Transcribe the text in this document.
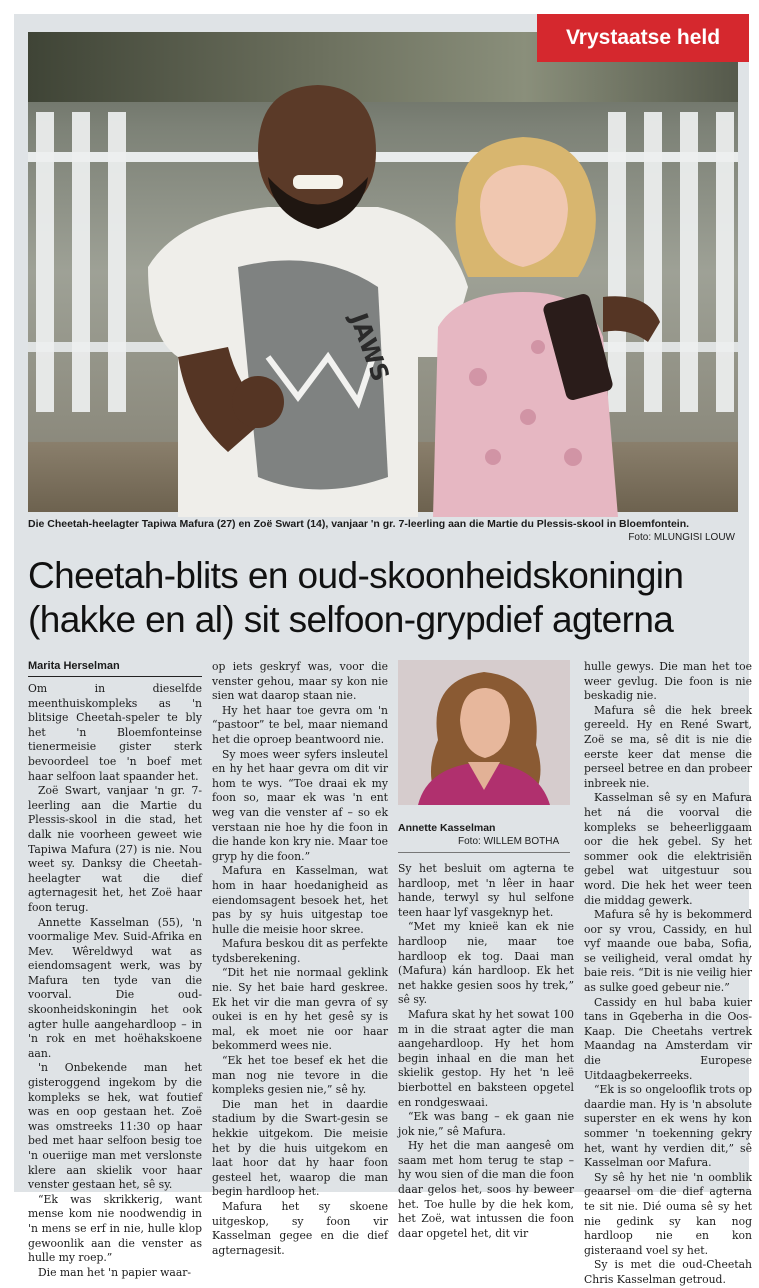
JAWS
Vrystaatse held
Die Cheetah-heelagter Tapiwa Mafura (27) en Zoë Swart (14), vanjaar 'n gr. 7-leerling aan die Martie du Plessis-skool in Bloemfontein.
Foto: MLUNGISI LOUW
Cheetah-blits en oud-skoonheidskoningin (hakke en al) sit selfoon-grypdief agterna
Marita Herselman

Om in dieselfde meenthuiskompleks as 'n blitsige Cheetah-speler te bly het 'n Bloemfonteinse tienermeisie gister sterk bevoordeel toe 'n boef met haar selfoon laat spaander het.

Zoë Swart, vanjaar 'n gr. 7-leerling aan die Martie du Plessis-skool in die stad, het dalk nie voorheen geweet wie Tapiwa Mafura (27) is nie. Nou weet sy. Danksy die Cheetah-heelagter wat die dief agternagesit het, het Zoë haar foon terug.

Annette Kasselman (55), 'n voormalige Mev. Suid-Afrika en Mev. Wêreldwyd wat as eiendomsagent werk, was by Mafura ten tyde van die voorval. Die oud-skoonheidskoningin het ook agter hulle aangehardloop – in 'n rok en met hoëhakskoene aan.

'n Onbekende man het gisteroggend ingekom by die kompleks se hek, wat foutief was en oop gestaan het. Zoë was omstreeks 11:30 op haar bed met haar selfoon besig toe 'n oueriige man met verslonste klere aan skielik voor haar venster gestaan het, sê sy.

“Ek was skrikkerig, want mense kom nie noodwendig in 'n mens se erf in nie, hulle klop gewoonlik aan die venster as hulle my roep.”

Die man het 'n papier waar-

op iets geskryf was, voor die venster gehou, maar sy kon nie sien wat daarop staan nie.

Hy het haar toe gevra om 'n “pastoor” te bel, maar niemand het die oproep beantwoord nie.

Sy moes weer syfers insleutel en hy het haar gevra om dit vir hom te wys. “Toe draai ek my foon so, maar ek was 'n ent weg van die venster af – so ek verstaan nie hoe hy die foon in die hande kon kry nie. Maar toe gryp hy die foon.”

Mafura en Kasselman, wat hom in haar hoedanigheid as eiendomsagent besoek het, het pas by sy huis uitgestap toe hulle die meisie hoor skree.

Mafura beskou dit as perfekte tydsberekening.

“Dit het nie normaal geklink nie. Sy het baie hard geskree. Ek het vir die man gevra of sy oukei is en hy het gesê sy is mal, ek moet nie oor haar bekommerd wees nie.

“Ek het toe besef ek het die man nog nie tevore in die kompleks gesien nie,” sê hy.

Die man het in daardie stadium by die Swart-gesin se hekkie uitgekom. Die meisie het by die huis uitgekom en laat hoor dat hy haar foon gesteel het, waarop die man begin hardloop het.

Mafura het sy skoene uitgeskop, sy foon vir Kasselman gegee en die dief agternagesit.

Annette Kasselman
Foto: WILLEM BOTHA

Sy het besluit om agterna te hardloop, met 'n lêer in haar hande, terwyl sy hul selfone teen haar lyf vasgeknyp het.

“Met my knieë kan ek nie hardloop nie, maar toe hardloop ek tog. Daai man (Mafura) kán hardloop. Ek het net hakke gesien soos hy trek,” sê sy.

Mafura skat hy het sowat 100 m in die straat agter die man aangehardloop. Hy het hom begin inhaal en die man het skielik gestop. Hy het 'n leë bierbottel en baksteen opgetel en rondgeswaai.

“Ek was bang – ek gaan nie jok nie,” sê Mafura.

Hy het die man aangesê om saam met hom terug te stap – hy wou sien of die man die foon daar gelos het, soos hy beweer het. Toe hulle by die hek kom, het Zoë, wat intussen die foon daar opgetel het, dit vir

hulle gewys. Die man het toe weer gevlug. Die foon is nie beskadig nie.

Mafura sê die hek breek gereeld. Hy en René Swart, Zoë se ma, sê dit is nie die eerste keer dat mense die perseel betree en dan probeer inbreek nie.

Kasselman sê sy en Mafura het ná die voorval die kompleks se beheerliggaam oor die hek gebel. Sy het sommer ook die elektrisiën gebel wat uitgestuur sou word. Die hek het weer teen die middag gewerk.

Mafura sê hy is bekommerd oor sy vrou, Cassidy, en hul vyf maande oue baba, Sofia, se veiligheid, veral omdat hy baie reis. “Dit is nie veilig hier as sulke goed gebeur nie.”

Cassidy en hul baba kuier tans in Gqeberha in die Oos-Kaap. Die Cheetahs vertrek Maandag na Amsterdam vir die Europese Uitdaagbekerreeks.

“Ek is so ongelooflik trots op daardie man. Hy is 'n absolute superster en ek wens hy kon sommer 'n toekenning gekry het, want hy verdien dit,” sê Kasselman oor Mafura.

Sy sê hy het nie 'n oomblik geaarsel om die dief agterna te sit nie. Dié ouma sê sy het nie gedink sy kan nog hardloop nie en kon gisteraand voel sy het.

Sy is met die oud-Cheetah Chris Kasselman getroud.
